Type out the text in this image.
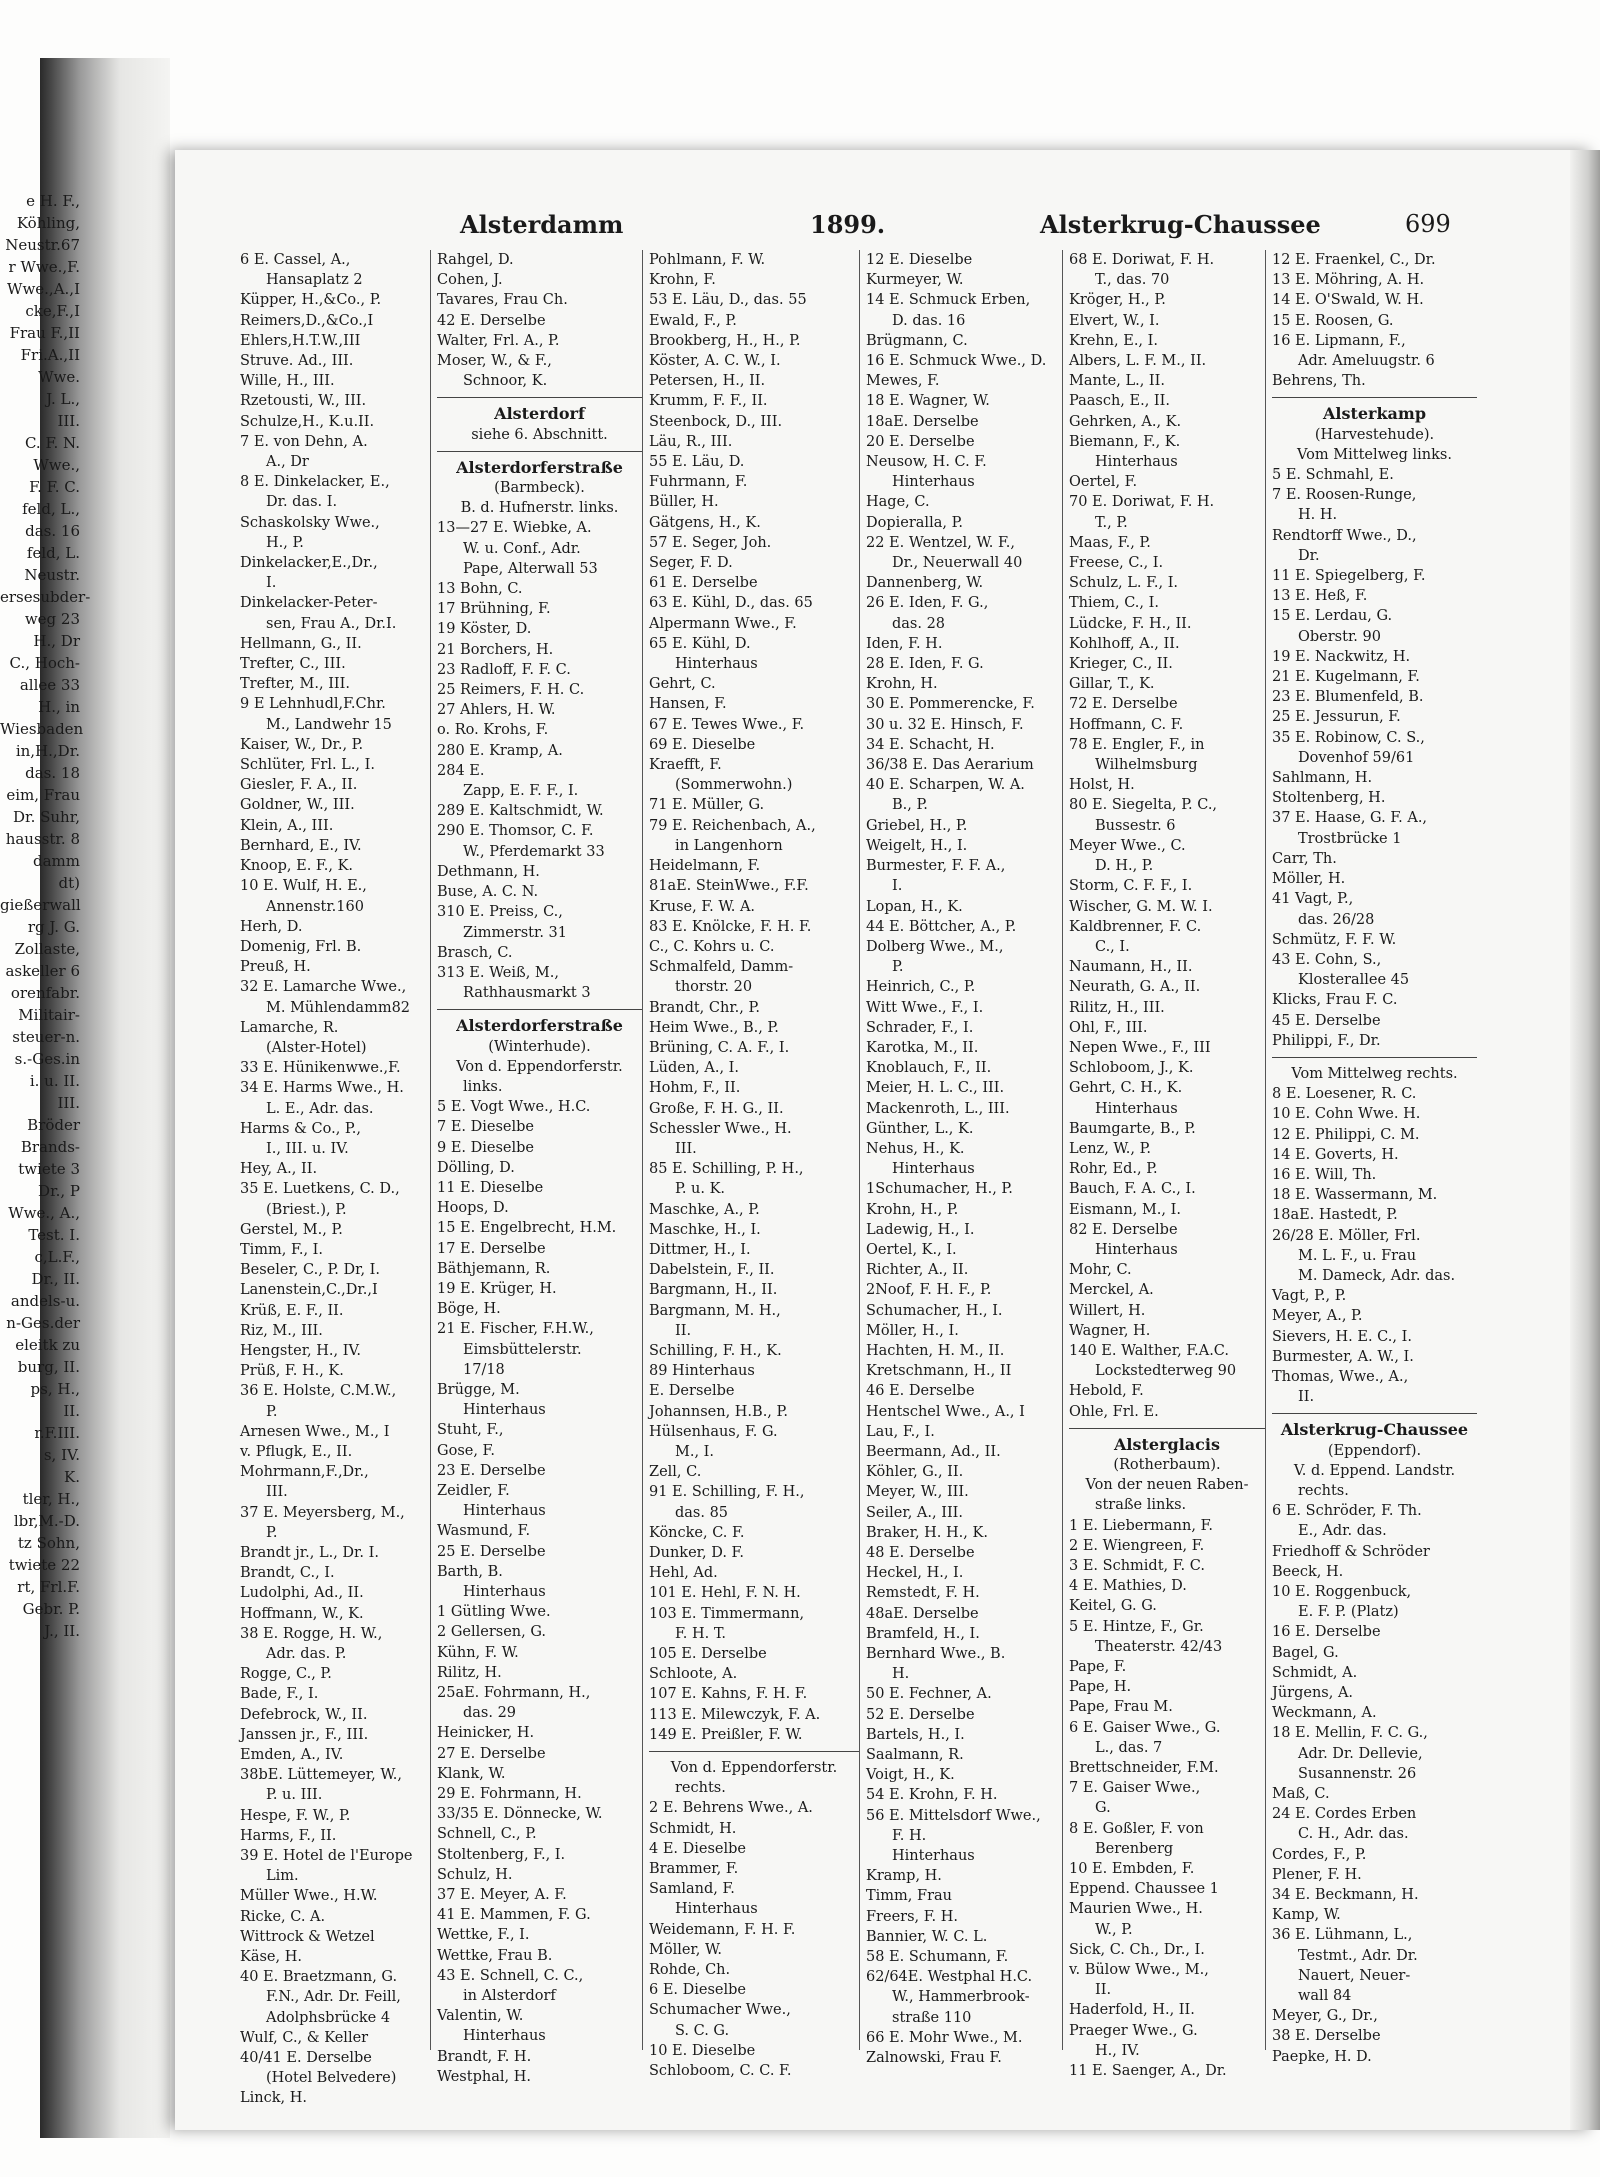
e H. F.,
Köhling,
Neustr.67
r Wwe.,F.
Wwe.,A.,I
cke,F.,I
Frau F.,II
Fri.A.,II
Wwe.
J. L.,
III.
C. F. N.
Wwe.,
F. F. C.
feld, L.,
das. 16
feld, L.
Neustr.
ersesubder-
weg 23
H., Dr
C., Hoch-
allee 33
H., in
Wiesbaden
in,H.,Dr.
das. 18
eim, Frau
Dr. Suhr,
hausstr. 8
damm
dt)
gießerwall
rg J. G.
Zollaste,
askeller 6
orenfabr.
Militair-
steuer-n.
s.-Ges.in
i. u. II.
III.
Bröder
Brands-
twiete 3
Dr., P
Wwe., A.,
Test. I.
c,L.F.,
Dr., II.
andels-u.
n-Ges.der
eleitk zu
burg, II.
ps, H.,
II.
r.F.III.
s, IV.
K.
tler, H.,
lbr,M.-D.
tz Sohn,
twiete 22
rt, Frl.F.
Gebr. P.
J., II.
Alsterdamm	1899.	Alsterkrug-Chaussee	699
6 E. Cassel, A.,
Hansaplatz 2
Küpper, H.,&Co., P.
Reimers,D.,&Co.,I
Ehlers,H.T.W.,III
Struve. Ad., III.
Wille, H., III.
Rzetousti, W., III.
Schulze,H., K.u.II.
7 E. von Dehn, A.
A., Dr
8 E. Dinkelacker, E.,
Dr. das. I.
Schaskolsky Wwe.,
H., P.
Dinkelacker,E.,Dr.,
I.
Dinkelacker-Peter-
sen, Frau A., Dr.I.
Hellmann, G., II.
Trefter, C., III.
Trefter, M., III.
9 E Lehnhudl,F.Chr.
M., Landwehr 15
Kaiser, W., Dr., P.
Schlüter, Frl. L., I.
Giesler, F. A., II.
Goldner, W., III.
Klein, A., III.
Bernhard, E., IV.
Knoop, E. F., K.
10 E. Wulf, H. E.,
Annenstr.160
Herh, D.
Domenig, Frl. B.
Preuß, H.
32 E. Lamarche Wwe.,
M. Mühlendamm82
Lamarche, R.
(Alster-Hotel)
33 E. Hünikenwwe.,F.
34 E. Harms Wwe., H.
L. E., Adr. das.
Harms & Co., P.,
I., III. u. IV.
Hey, A., II.
35 E. Luetkens, C. D.,
(Briest.), P.
Gerstel, M., P.
Timm, F., I.
Beseler, C., P. Dr, I.
Lanenstein,C.,Dr.,I
Krüß, E. F., II.
Riz, M., III.
Hengster, H., IV.
Prüß, F. H., K.
36 E. Holste, C.M.W.,
P.
Arnesen Wwe., M., I
v. Pflugk, E., II.
Mohrmann,F.,Dr.,
III.
37 E. Meyersberg, M.,
P.
Brandt jr., L., Dr. I.
Brandt, C., I.
Ludolphi, Ad., II.
Hoffmann, W., K.
38 E. Rogge, H. W.,
Adr. das. P.
Rogge, C., P.
Bade, F., I.
Defebrock, W., II.
Janssen jr., F., III.
Emden, A., IV.
38bE. Lüttemeyer, W.,
P. u. III.
Hespe, F. W., P.
Harms, F., II.
39 E. Hotel de l'Europe
Lim.
Müller Wwe., H.W.
Ricke, C. A.
Wittrock & Wetzel
Käse, H.
40 E. Braetzmann, G.
F.N., Adr. Dr. Feill,
Adolphsbrücke 4
Wulf, C., & Keller
40/41 E. Derselbe
(Hotel Belvedere)
Linck, H.
Rahgel, D.
Cohen, J.
Tavares, Frau Ch.
42 E. Derselbe
Walter, Frl. A., P.
Moser, W., & F.,
Schnoor, K.
Alsterdorf
siehe 6. Abschnitt.
Alsterdorferstraße
(Barmbeck).
B. d. Hufnerstr. links.
13—27 E. Wiebke, A.
W. u. Conf., Adr.
Pape, Alterwall 53
13 Bohn, C.
17 Brühning, F.
19 Köster, D.
21 Borchers, H.
23 Radloff, F. F. C.
25 Reimers, F. H. C.
27 Ahlers, H. W.
o. Ro. Krohs, F.
280 E. Kramp, A.
284 E.
Zapp, E. F. F., I.
289 E. Kaltschmidt, W.
290 E. Thomsor, C. F.
W., Pferdemarkt 33
Dethmann, H.
Buse, A. C. N.
310 E. Preiss, C.,
Zimmerstr. 31
Brasch, C.
313 E. Weiß, M.,
Rathhausmarkt 3
Alsterdorferstraße
(Winterhude).
Von d. Eppendorferstr.
links.
5 E. Vogt Wwe., H.C.
7 E. Dieselbe
9 E. Dieselbe
Dölling, D.
11 E. Dieselbe
Hoops, D.
15 E. Engelbrecht, H.M.
17 E. Derselbe
Bäthjemann, R.
19 E. Krüger, H.
Böge, H.
21 E. Fischer, F.H.W.,
Eimsbüttelerstr.
17/18
Brügge, M.
Hinterhaus
Stuht, F.,
Gose, F.
23 E. Derselbe
Zeidler, F.
Hinterhaus
Wasmund, F.
25 E. Derselbe
Barth, B.
Hinterhaus
1 Gütling Wwe.
2 Gellersen, G.
Kühn, F. W.
Rilitz, H.
25aE. Fohrmann, H.,
das. 29
Heinicker, H.
27 E. Derselbe
Klank, W.
29 E. Fohrmann, H.
33/35 E. Dönnecke, W.
Schnell, C., P.
Stoltenberg, F., I.
Schulz, H.
37 E. Meyer, A. F.
41 E. Mammen, F. G.
Wettke, F., I.
Wettke, Frau B.
43 E. Schnell, C. C.,
in Alsterdorf
Valentin, W.
Hinterhaus
Brandt, F. H.
Westphal, H.
Pohlmann, F. W.
Krohn, F.
53 E. Läu, D., das. 55
Ewald, F., P.
Brookberg, H., H., P.
Köster, A. C. W., I.
Petersen, H., II.
Krumm, F. F., II.
Steenbock, D., III.
Läu, R., III.
55 E. Läu, D.
Fuhrmann, F.
Büller, H.
Gätgens, H., K.
57 E. Seger, Joh.
Seger, F. D.
61 E. Derselbe
63 E. Kühl, D., das. 65
Alpermann Wwe., F.
65 E. Kühl, D.
Hinterhaus
Gehrt, C.
Hansen, F.
67 E. Tewes Wwe., F.
69 E. Dieselbe
Kraefft, F.
(Sommerwohn.)
71 E. Müller, G.
79 E. Reichenbach, A.,
in Langenhorn
Heidelmann, F.
81aE. SteinWwe., F.F.
Kruse, F. W. A.
83 E. Knölcke, F. H. F.
C., C. Kohrs u. C.
Schmalfeld, Damm-
thorstr. 20
Brandt, Chr., P.
Heim Wwe., B., P.
Brüning, C. A. F., I.
Lüden, A., I.
Hohm, F., II.
Große, F. H. G., II.
Schessler Wwe., H.
III.
85 E. Schilling, P. H.,
P. u. K.
Maschke, A., P.
Maschke, H., I.
Dittmer, H., I.
Dabelstein, F., II.
Bargmann, H., II.
Bargmann, M. H.,
II.
Schilling, F. H., K.
89 Hinterhaus
E. Derselbe
Johannsen, H.B., P.
Hülsenhaus, F. G.
M., I.
Zell, C.
91 E. Schilling, F. H.,
das. 85
Köncke, C. F.
Dunker, D. F.
Hehl, Ad.
101 E. Hehl, F. N. H.
103 E. Timmermann,
F. H. T.
105 E. Derselbe
Schloote, A.
107 E. Kahns, F. H. F.
113 E. Milewczyk, F. A.
149 E. Preißler, F. W.
Von d. Eppendorferstr.
rechts.
2 E. Behrens Wwe., A.
Schmidt, H.
4 E. Dieselbe
Brammer, F.
Samland, F.
Hinterhaus
Weidemann, F. H. F.
Möller, W.
Rohde, Ch.
6 E. Dieselbe
Schumacher Wwe.,
S. C. G.
10 E. Dieselbe
Schloboom, C. C. F.
12 E. Dieselbe
Kurmeyer, W.
14 E. Schmuck Erben,
D. das. 16
Brügmann, C.
16 E. Schmuck Wwe., D.
Mewes, F.
18 E. Wagner, W.
18aE. Derselbe
20 E. Derselbe
Neusow, H. C. F.
Hinterhaus
Hage, C.
Dopieralla, P.
22 E. Wentzel, W. F.,
Dr., Neuerwall 40
Dannenberg, W.
26 E. Iden, F. G.,
das. 28
Iden, F. H.
28 E. Iden, F. G.
Krohn, H.
30 E. Pommerencke, F.
30 u. 32 E. Hinsch, F.
34 E. Schacht, H.
36/38 E. Das Aerarium
40 E. Scharpen, W. A.
B., P.
Griebel, H., P.
Weigelt, H., I.
Burmester, F. F. A.,
I.
Lopan, H., K.
44 E. Böttcher, A., P.
Dolberg Wwe., M.,
P.
Heinrich, C., P.
Witt Wwe., F., I.
Schrader, F., I.
Karotka, M., II.
Knoblauch, F., II.
Meier, H. L. C., III.
Mackenroth, L., III.
Günther, L., K.
Nehus, H., K.
Hinterhaus
1Schumacher, H., P.
Krohn, H., P.
Ladewig, H., I.
Oertel, K., I.
Richter, A., II.
2Noof, F. H. F., P.
Schumacher, H., I.
Möller, H., I.
Hachten, H. M., II.
Kretschmann, H., II
46 E. Derselbe
Hentschel Wwe., A., I
Lau, F., I.
Beermann, Ad., II.
Köhler, G., II.
Meyer, W., III.
Seiler, A., III.
Braker, H. H., K.
48 E. Derselbe
Heckel, H., I.
Remstedt, F. H.
48aE. Derselbe
Bramfeld, H., I.
Bernhard Wwe., B.
H.
50 E. Fechner, A.
52 E. Derselbe
Bartels, H., I.
Saalmann, R.
Voigt, H., K.
54 E. Krohn, F. H.
56 E. Mittelsdorf Wwe.,
F. H.
Hinterhaus
Kramp, H.
Timm, Frau
Freers, F. H.
Bannier, W. C. L.
58 E. Schumann, F.
62/64E. Westphal H.C.
W., Hammerbrook-
straße 110
66 E. Mohr Wwe., M.
Zalnowski, Frau F.
68 E. Doriwat, F. H.
T., das. 70
Kröger, H., P.
Elvert, W., I.
Krehn, E., I.
Albers, L. F. M., II.
Mante, L., II.
Paasch, E., II.
Gehrken, A., K.
Biemann, F., K.
Hinterhaus
Oertel, F.
70 E. Doriwat, F. H.
T., P.
Maas, F., P.
Freese, C., I.
Schulz, L. F., I.
Thiem, C., I.
Lüdcke, F. H., II.
Kohlhoff, A., II.
Krieger, C., II.
Gillar, T., K.
72 E. Derselbe
Hoffmann, C. F.
78 E. Engler, F., in
Wilhelmsburg
Holst, H.
80 E. Siegelta, P. C.,
Bussestr. 6
Meyer Wwe., C.
D. H., P.
Storm, C. F. F., I.
Wischer, G. M. W. I.
Kaldbrenner, F. C.
C., I.
Naumann, H., II.
Neurath, G. A., II.
Rilitz, H., III.
Ohl, F., III.
Nepen Wwe., F., III
Schloboom, J., K.
Gehrt, C. H., K.
Hinterhaus
Baumgarte, B., P.
Lenz, W., P.
Rohr, Ed., P.
Bauch, F. A. C., I.
Eismann, M., I.
82 E. Derselbe
Hinterhaus
Mohr, C.
Merckel, A.
Willert, H.
Wagner, H.
140 E. Walther, F.A.C.
Lockstedterweg 90
Hebold, F.
Ohle, Frl. E.
Alsterglacis
(Rotherbaum).
Von der neuen Raben-
straße links.
1 E. Liebermann, F.
2 E. Wiengreen, F.
3 E. Schmidt, F. C.
4 E. Mathies, D.
Keitel, G. G.
5 E. Hintze, F., Gr.
Theaterstr. 42/43
Pape, F.
Pape, H.
Pape, Frau M.
6 E. Gaiser Wwe., G.
L., das. 7
Brettschneider, F.M.
7 E. Gaiser Wwe.,
G.
8 E. Goßler, F. von
Berenberg
10 E. Embden, F.
Eppend. Chaussee 1
Maurien Wwe., H.
W., P.
Sick, C. Ch., Dr., I.
v. Bülow Wwe., M.,
II.
Haderfold, H., II.
Praeger Wwe., G.
H., IV.
11 E. Saenger, A., Dr.
12 E. Fraenkel, C., Dr.
13 E. Möhring, A. H.
14 E. O'Swald, W. H.
15 E. Roosen, G.
16 E. Lipmann, F.,
Adr. Ameluugstr. 6
Behrens, Th.
Alsterkamp
(Harvestehude).
Vom Mittelweg links.
5 E. Schmahl, E.
7 E. Roosen-Runge,
H. H.
Rendtorff Wwe., D.,
Dr.
11 E. Spiegelberg, F.
13 E. Heß, F.
15 E. Lerdau, G.
Oberstr. 90
19 E. Nackwitz, H.
21 E. Kugelmann, F.
23 E. Blumenfeld, B.
25 E. Jessurun, F.
35 E. Robinow, C. S.,
Dovenhof 59/61
Sahlmann, H.
Stoltenberg, H.
37 E. Haase, G. F. A.,
Trostbrücke 1
Carr, Th.
Möller, H.
41 Vagt, P.,
das. 26/28
Schmütz, F. F. W.
43 E. Cohn, S.,
Klosterallee 45
Klicks, Frau F. C.
45 E. Derselbe
Philippi, F., Dr.
Vom Mittelweg rechts.
8 E. Loesener, R. C.
10 E. Cohn Wwe. H.
12 E. Philippi, C. M.
14 E. Goverts, H.
16 E. Will, Th.
18 E. Wassermann, M.
18aE. Hastedt, P.
26/28 E. Möller, Frl.
M. L. F., u. Frau
M. Dameck, Adr. das.
Vagt, P., P.
Meyer, A., P.
Sievers, H. E. C., I.
Burmester, A. W., I.
Thomas, Wwe., A.,
II.
Alsterkrug-Chaussee
(Eppendorf).
V. d. Eppend. Landstr.
rechts.
6 E. Schröder, F. Th.
E., Adr. das.
Friedhoff & Schröder
Beeck, H.
10 E. Roggenbuck,
E. F. P. (Platz)
16 E. Derselbe
Bagel, G.
Schmidt, A.
Jürgens, A.
Weckmann, A.
18 E. Mellin, F. C. G.,
Adr. Dr. Dellevie,
Susannenstr. 26
Maß, C.
24 E. Cordes Erben
C. H., Adr. das.
Cordes, F., P.
Plener, F. H.
34 E. Beckmann, H.
Kamp, W.
36 E. Lühmann, L.,
Testmt., Adr. Dr.
Nauert, Neuer-
wall 84
Meyer, G., Dr.,
38 E. Derselbe
Paepke, H. D.
